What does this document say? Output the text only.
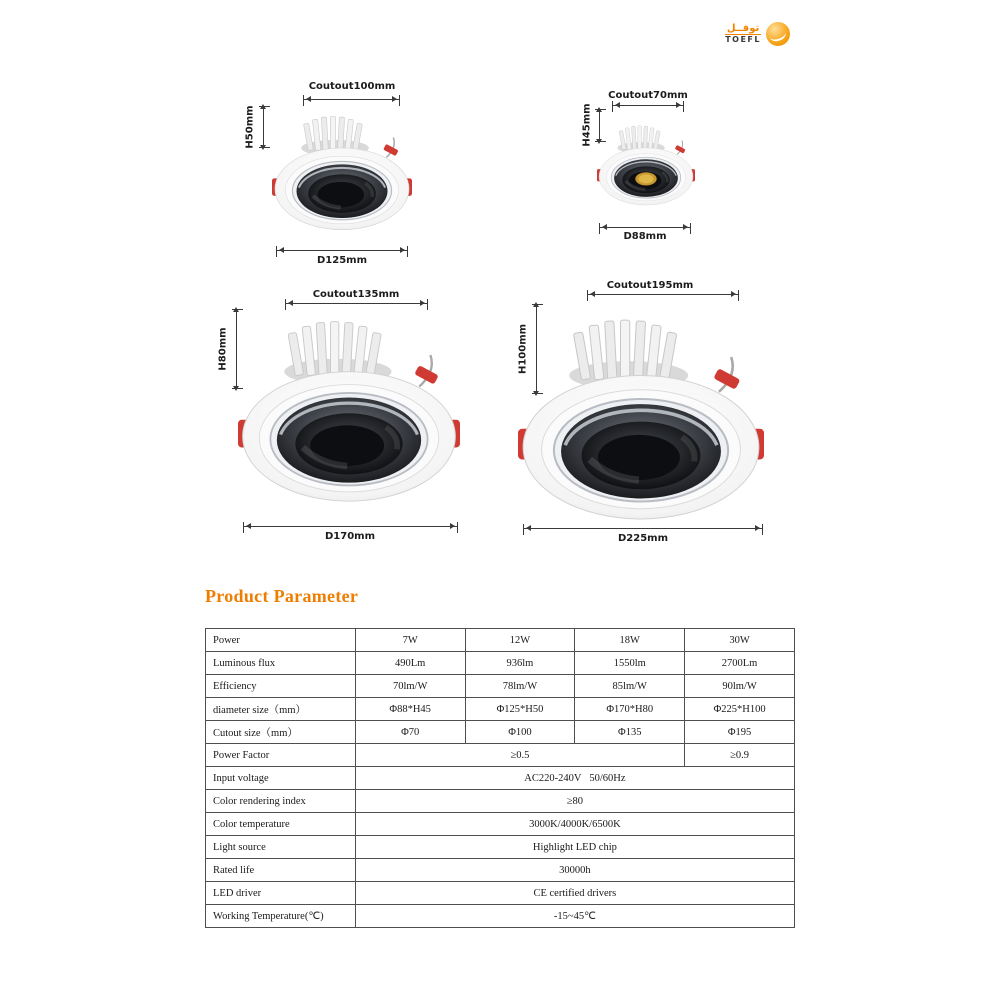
توفــل
TOEFL
Coutout100mm
H50mm
D125mm
Coutout70mm
H45mm
D88mm
Coutout135mm
H80mm
D170mm
Coutout195mm
H100mm
D225mm
Product Parameter
Power	7W	12W	18W	30W
Luminous flux	490Lm	936lm	1550lm	2700Lm
Efficiency	70lm/W	78lm/W	85lm/W	90lm/W
diameter size（mm）	Φ88*H45	Φ125*H50	Φ170*H80	Φ225*H100
Cutout size（mm）	Φ70	Φ100	Φ135	Φ195
Power Factor	≥0.5			≥0.9
Input voltage	AC220-240V   50/60Hz			
Color rendering index	≥80			
Color temperature	3000K/4000K/6500K			
Light source	Highlight LED chip			
Rated life	30000h			
LED driver	CE certified drivers			
Working Temperature(℃)	-15~45℃			
